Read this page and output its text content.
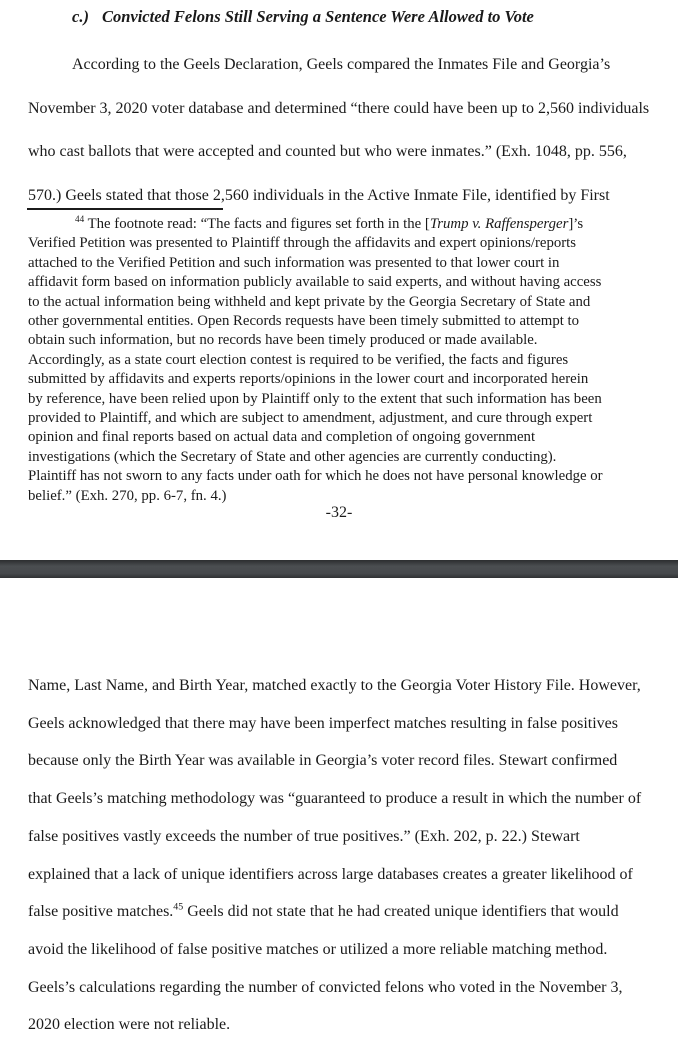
c.) Convicted Felons Still Serving a Sentence Were Allowed to Vote
According to the Geels Declaration, Geels compared the Inmates File and Georgia’s
November 3, 2020 voter database and determined “there could have been up to 2,560 individuals
who cast ballots that were accepted and counted but who were inmates.” (Exh. 1048, pp. 556,
570.) Geels stated that those 2,560 individuals in the Active Inmate File, identified by First
$^{44}$ The footnote read: “The facts and figures set forth in the [Trump v. Raffensperger]’s
Verified Petition was presented to Plaintiff through the affidavits and expert opinions/reports
attached to the Verified Petition and such information was presented to that lower court in
affidavit form based on information publicly available to said experts, and without having access
to the actual information being withheld and kept private by the Georgia Secretary of State and
other governmental entities. Open Records requests have been timely submitted to attempt to
obtain such information, but no records have been timely produced or made available.
Accordingly, as a state court election contest is required to be verified, the facts and figures
submitted by affidavits and experts reports/opinions in the lower court and incorporated herein
by reference, have been relied upon by Plaintiff only to the extent that such information has been
provided to Plaintiff, and which are subject to amendment, adjustment, and cure through expert
opinion and final reports based on actual data and completion of ongoing government
investigations (which the Secretary of State and other agencies are currently conducting).
Plaintiff has not sworn to any facts under oath for which he does not have personal knowledge or
belief.” (Exh. 270, pp. 6-7, fn. 4.)
-32-
Name, Last Name, and Birth Year, matched exactly to the Georgia Voter History File. However,
Geels acknowledged that there may have been imperfect matches resulting in false positives
because only the Birth Year was available in Georgia’s voter record files. Stewart confirmed
that Geels’s matching methodology was “guaranteed to produce a result in which the number of
false positives vastly exceeds the number of true positives.” (Exh. 202, p. 22.) Stewart
explained that a lack of unique identifiers across large databases creates a greater likelihood of
false positive matches.$^{45}$ Geels did not state that he had created unique identifiers that would
avoid the likelihood of false positive matches or utilized a more reliable matching method.
Geels’s calculations regarding the number of convicted felons who voted in the November 3,
2020 election were not reliable.
